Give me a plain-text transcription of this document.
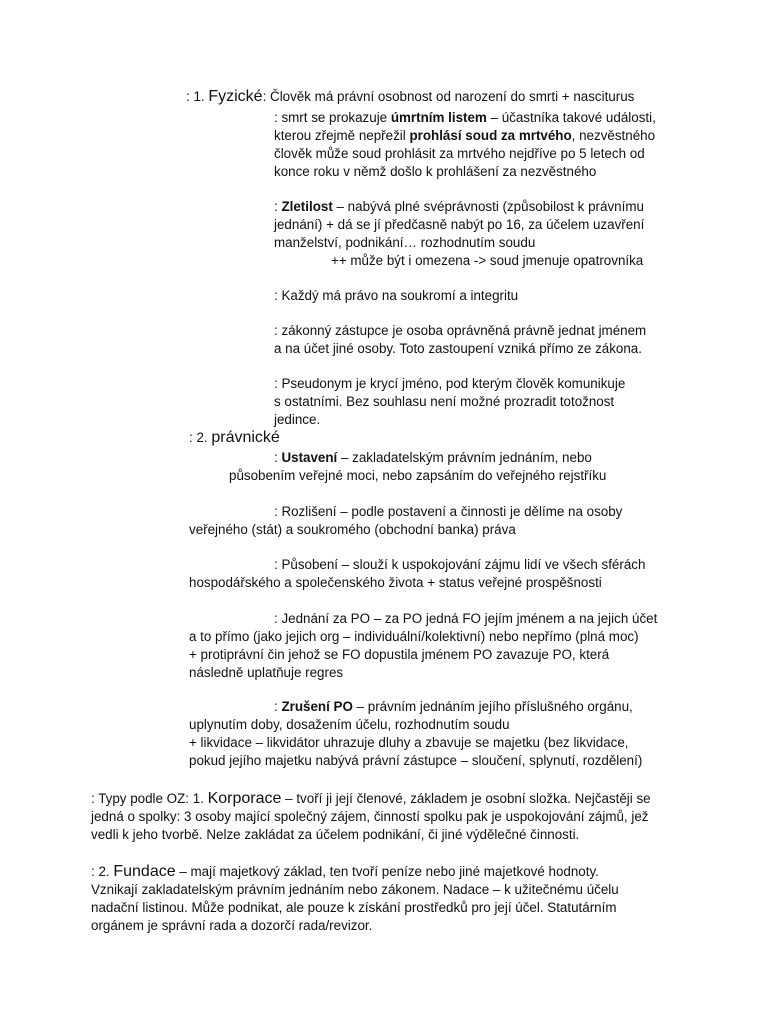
: 1. Fyzické: Člověk má právní osobnost od narození do smrti + nasciturus
: smrt se prokazuje úmrtním listem – účastníka takové události,
kterou zřejmě nepřežil prohlásí soud za mrtvého, nezvěstného
člověk může soud prohlásit za mrtvého nejdříve po 5 letech od
konce roku v němž došlo k prohlášení za nezvěstného
: Zletilost – nabývá plné svéprávnosti (způsobilost k právnímu
jednání) + dá se jí předčasně nabýt po 16, za účelem uzavření
manželství, podnikání… rozhodnutím soudu
++ může být i omezena -> soud jmenuje opatrovníka
: Každý má právo na soukromí a integritu
: zákonný zástupce je osoba oprávněná právně jednat jménem
a na účet jiné osoby. Toto zastoupení vzniká přímo ze zákona.
: Pseudonym je krycí jméno, pod kterým člověk komunikuje
s ostatními. Bez souhlasu není možné prozradit totožnost
jedince.
: 2. právnické
: Ustavení – zakladatelským právním jednáním, nebo
působením veřejné moci, nebo zapsáním do veřejného rejstříku
: Rozlišení – podle postavení a činnosti je dělíme na osoby
veřejného (stát) a soukromého (obchodní banka) práva
: Působení – slouží k uspokojování zájmu lidí ve všech sférách
hospodářského a společenského života + status veřejné prospěšnosti
: Jednání za PO – za PO jedná FO jejím jménem a na jejich účet
a to přímo (jako jejich org – individuální/kolektivní) nebo nepřímo (plná moc)
+ protiprávní čin jehož se FO dopustila jménem PO zavazuje PO, která
následně uplatňuje regres
: Zrušení PO – právním jednáním jejího příslušného orgánu,
uplynutím doby, dosažením účelu, rozhodnutím soudu
+ likvidace – likvidátor uhrazuje dluhy a zbavuje se majetku (bez likvidace,
pokud jejího majetku nabývá právní zástupce – sloučení, splynutí, rozdělení)
: Typy podle OZ: 1. Korporace – tvoří ji její členové, základem je osobní složka. Nejčastěji se
jedná o spolky: 3 osoby mající společný zájem, činností spolku pak je uspokojování zájmů, jež
vedli k jeho tvorbě. Nelze zakládat za účelem podnikání, či jiné výdělečné činnosti.
: 2. Fundace – mají majetkový základ, ten tvoří peníze nebo jiné majetkové hodnoty.
Vznikají zakladatelským právním jednáním nebo zákonem. Nadace – k užitečnému účelu
nadační listinou. Může podnikat, ale pouze k získání prostředků pro její účel. Statutárním
orgánem je správní rada a dozorčí rada/revizor.
